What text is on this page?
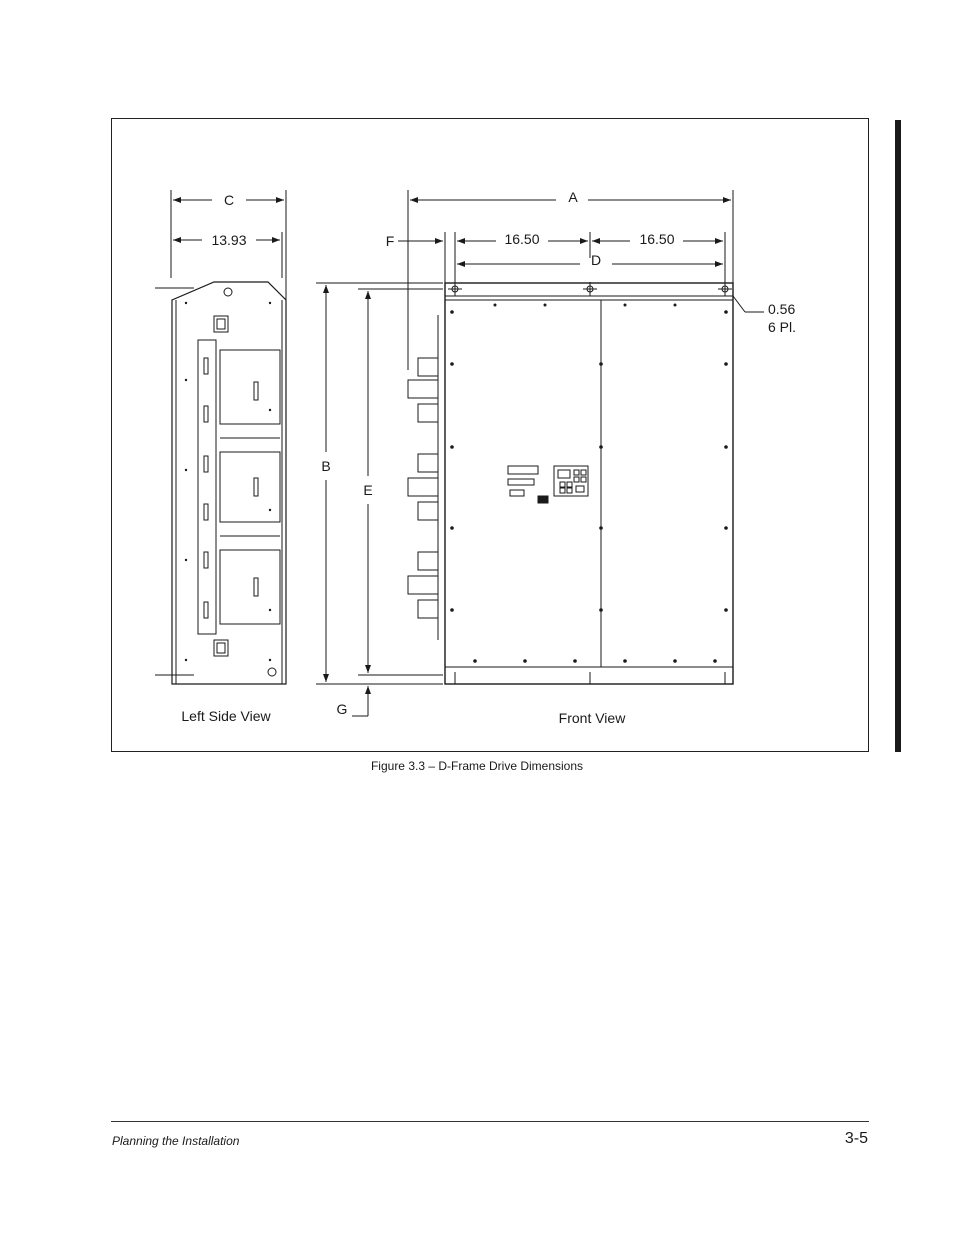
C
13.93
A
F	16.50	16.50
D
0.56
6 Pl.
B
E
G
Left Side View	Front View
Figure 3.3 – D-Frame Drive Dimensions
Planning the Installation	3-5
